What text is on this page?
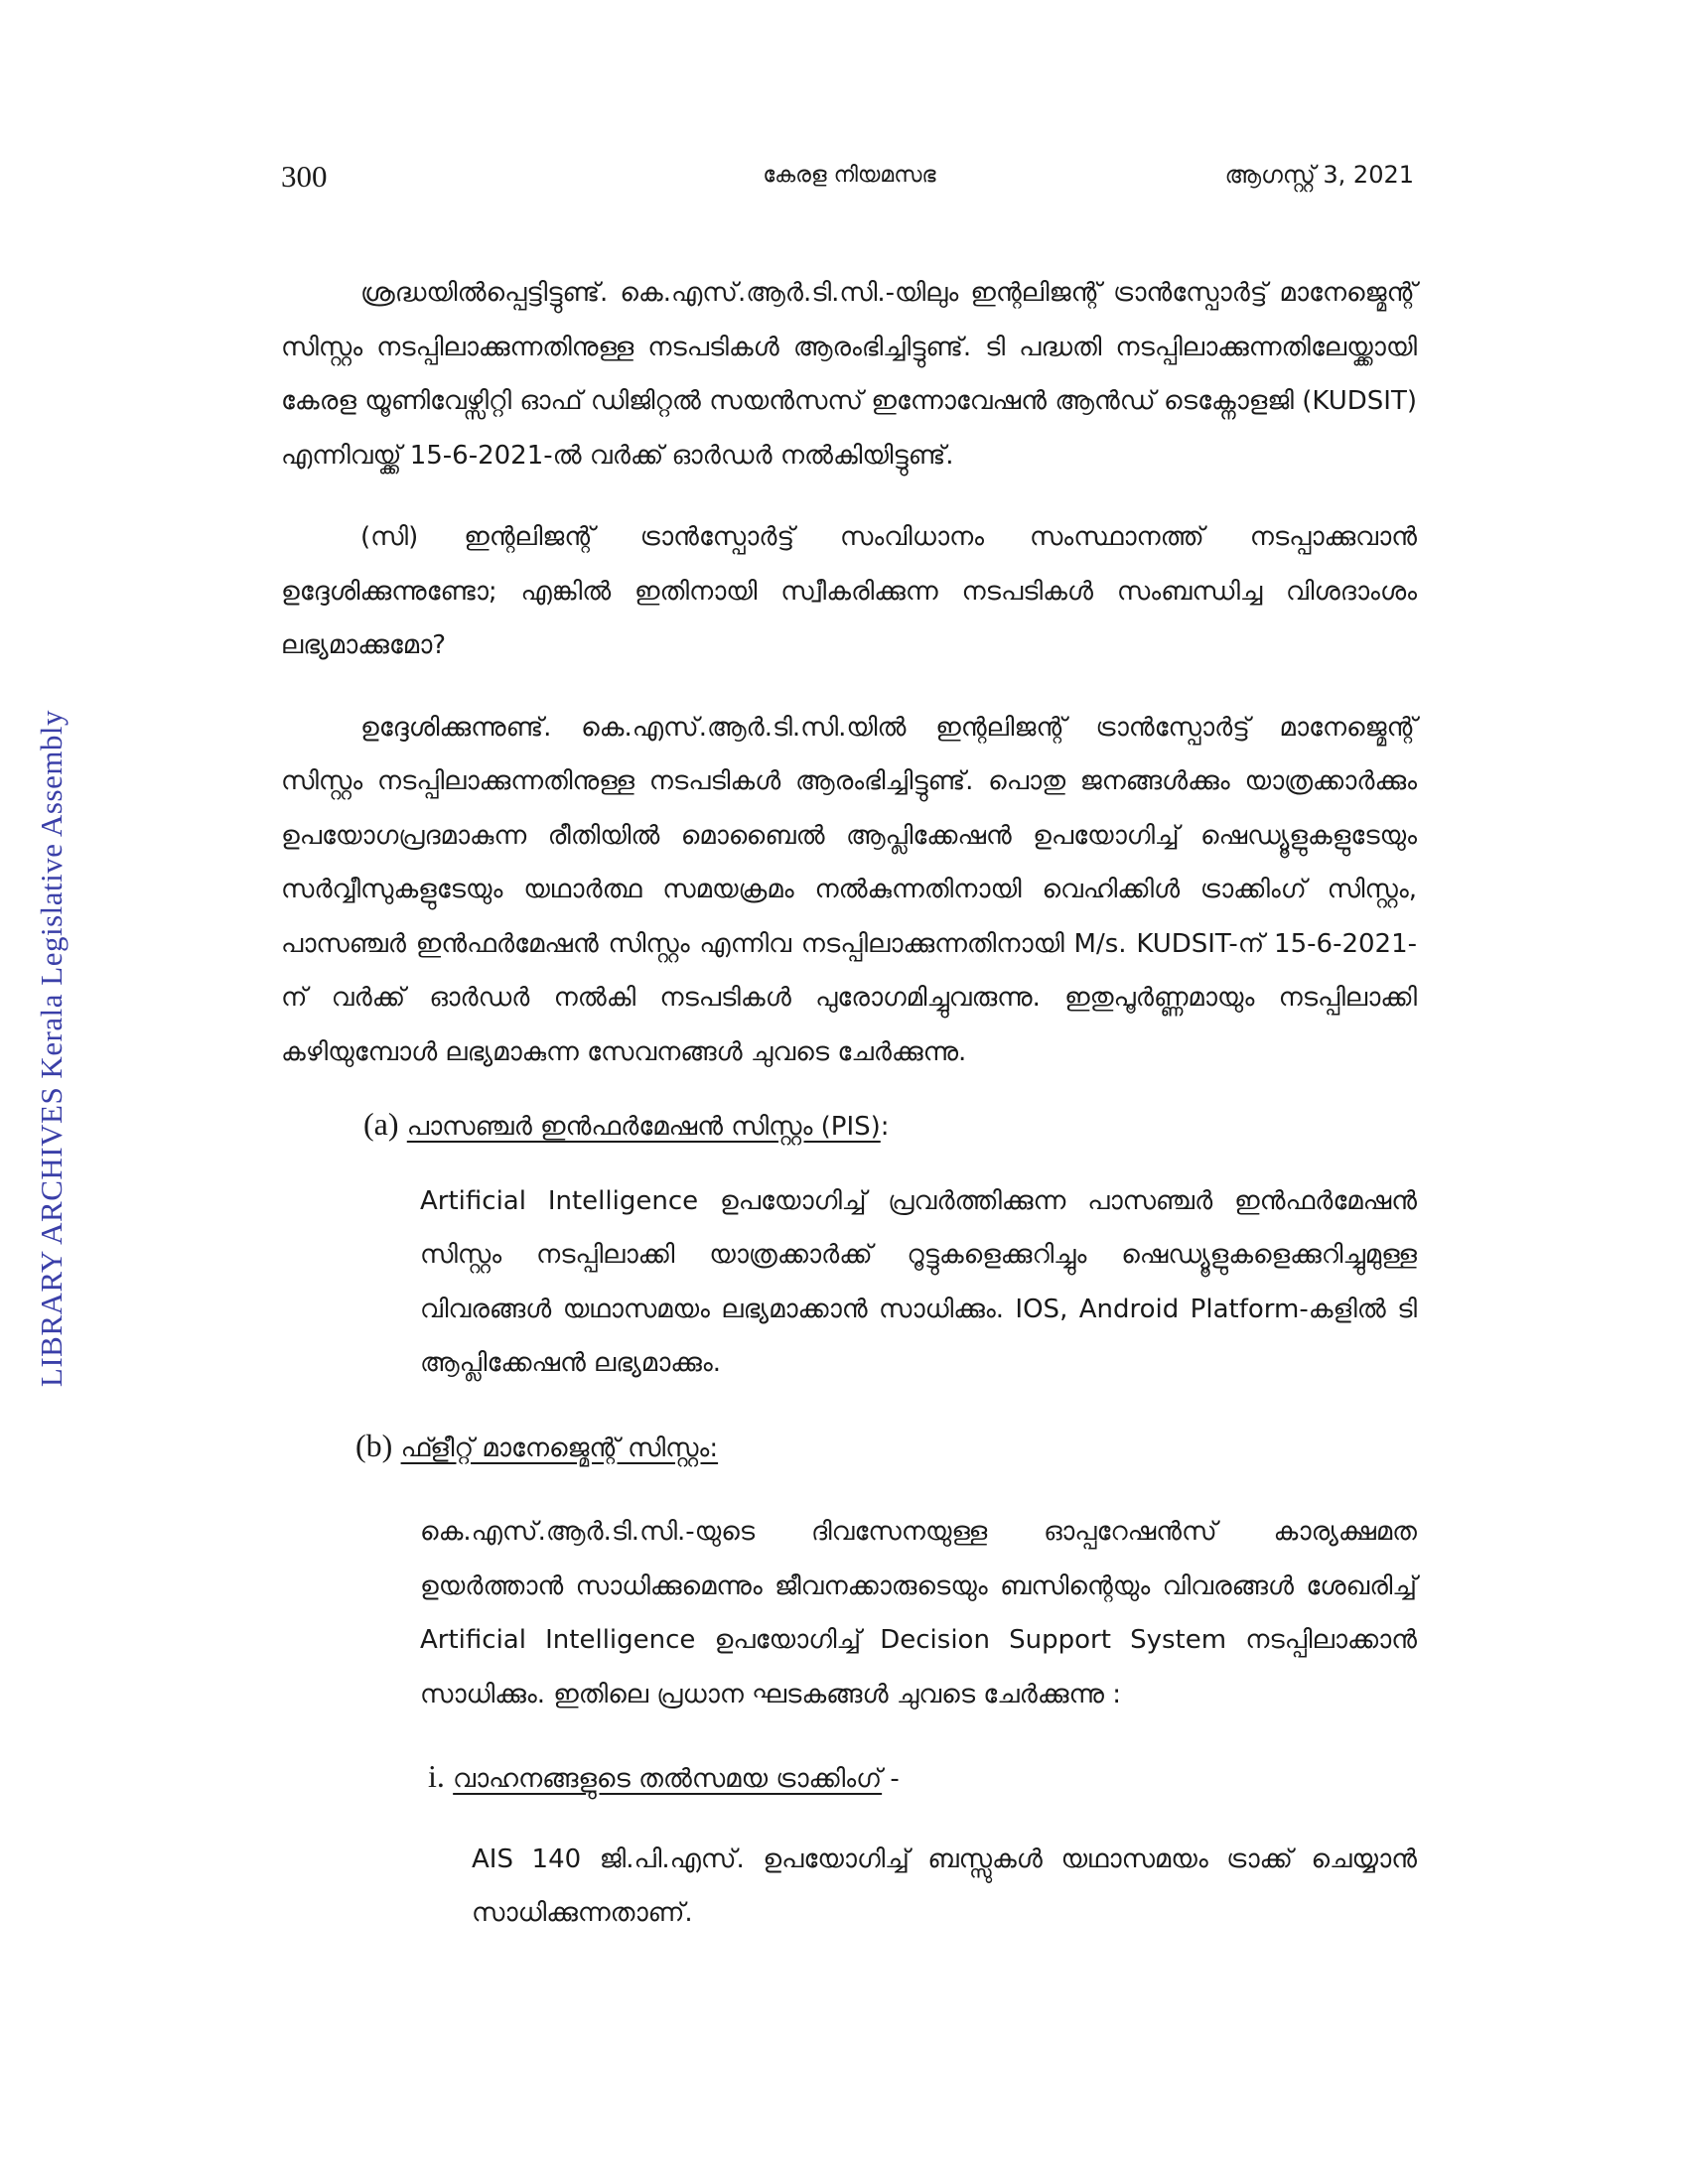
LIBRARY ARCHIVES Kerala Legislative Assembly
300	കേരള നിയമസഭ	ആഗസ്റ്റ് 3, 2021

ശ്രദ്ധയിൽപ്പെട്ടിട്ടുണ്ട്. കെ.എസ്.ആർ.ടി.സി.-യിലും ഇന്റലിജന്റ് ട്രാൻസ്പോർട്ട് മാനേജ്മെന്റ് സിസ്റ്റം നടപ്പിലാക്കുന്നതിനുള്ള നടപടികൾ ആരംഭിച്ചിട്ടുണ്ട്. ടി പദ്ധതി നടപ്പിലാക്കുന്നതിലേയ്ക്കായി കേരള യൂണിവേഴ്സിറ്റി ഓഫ് ഡിജിറ്റൽ സയൻസസ് ഇന്നോവേഷൻ ആൻഡ് ടെക്നോളജി (KUDSIT) എന്നിവയ്ക്ക് 15-6-2021-ൽ വർക്ക് ഓർഡർ നൽകിയിട്ടുണ്ട്.

(സി) ഇന്റലിജന്റ് ട്രാൻസ്പോർട്ട് സംവിധാനം സംസ്ഥാനത്ത് നടപ്പാക്കുവാൻ ഉദ്ദേശിക്കുന്നുണ്ടോ; എങ്കിൽ ഇതിനായി സ്വീകരിക്കുന്ന നടപടികൾ സംബന്ധിച്ച വിശദാംശം ലഭ്യമാക്കുമോ?

ഉദ്ദേശിക്കുന്നുണ്ട്. കെ.എസ്.ആർ.ടി.സി.യിൽ ഇന്റലിജന്റ് ട്രാൻസ്പോർട്ട് മാനേജ്മെന്റ് സിസ്റ്റം നടപ്പിലാക്കുന്നതിനുള്ള നടപടികൾ ആരംഭിച്ചിട്ടുണ്ട്. പൊതു ജനങ്ങൾക്കും യാത്രക്കാർക്കും ഉപയോഗപ്രദമാകുന്ന രീതിയിൽ മൊബൈൽ ആപ്ലിക്കേഷൻ ഉപയോഗിച്ച് ഷെഡ്യൂളുകളുടേയും സർവ്വീസുകളുടേയും യഥാർത്ഥ സമയക്രമം നൽകുന്നതിനായി വെഹിക്കിൾ ട്രാക്കിംഗ് സിസ്റ്റം, പാസഞ്ചർ ഇൻഫർമേഷൻ സിസ്റ്റം എന്നിവ നടപ്പിലാക്കുന്നതിനായി M/s. KUDSIT-ന് 15-6-2021-ന് വർക്ക് ഓർഡർ നൽകി നടപടികൾ പുരോഗമിച്ചുവരുന്നു. ഇതുപൂർണ്ണമായും നടപ്പിലാക്കി കഴിയുമ്പോൾ ലഭ്യമാകുന്ന സേവനങ്ങൾ ചുവടെ ചേർക്കുന്നു.

(a) പാസഞ്ചർ ഇൻഫർമേഷൻ സിസ്റ്റം (PIS):

Artificial Intelligence ഉപയോഗിച്ച് പ്രവർത്തിക്കുന്ന പാസഞ്ചർ ഇൻഫർമേഷൻ സിസ്റ്റം നടപ്പിലാക്കി യാത്രക്കാർക്ക് റൂട്ടുകളെക്കുറിച്ചും ഷെഡ്യൂളുകളെക്കുറിച്ചുമുള്ള വിവരങ്ങൾ യഥാസമയം ലഭ്യമാക്കാൻ സാധിക്കും. IOS, Android Platform-കളിൽ ടി ആപ്ലിക്കേഷൻ ലഭ്യമാക്കും.

(b) ഫ്ളീറ്റ് മാനേജ്മെന്റ് സിസ്റ്റം:

കെ.എസ്.ആർ.ടി.സി.-യുടെ ദിവസേനയുള്ള ഓപ്പറേഷൻസ് കാര്യക്ഷമത ഉയർത്താൻ സാധിക്കുമെന്നും ജീവനക്കാരുടെയും ബസിന്റെയും വിവരങ്ങൾ ശേഖരിച്ച് Artificial Intelligence ഉപയോഗിച്ച് Decision Support System നടപ്പിലാക്കാൻ സാധിക്കും. ഇതിലെ പ്രധാന ഘടകങ്ങൾ ചുവടെ ചേർക്കുന്നു :

i. വാഹനങ്ങളുടെ തൽസമയ ട്രാക്കിംഗ് -

AIS 140 ജി.പി.എസ്. ഉപയോഗിച്ച് ബസ്സുകൾ യഥാസമയം ട്രാക്ക് ചെയ്യാൻ സാധിക്കുന്നതാണ്.
